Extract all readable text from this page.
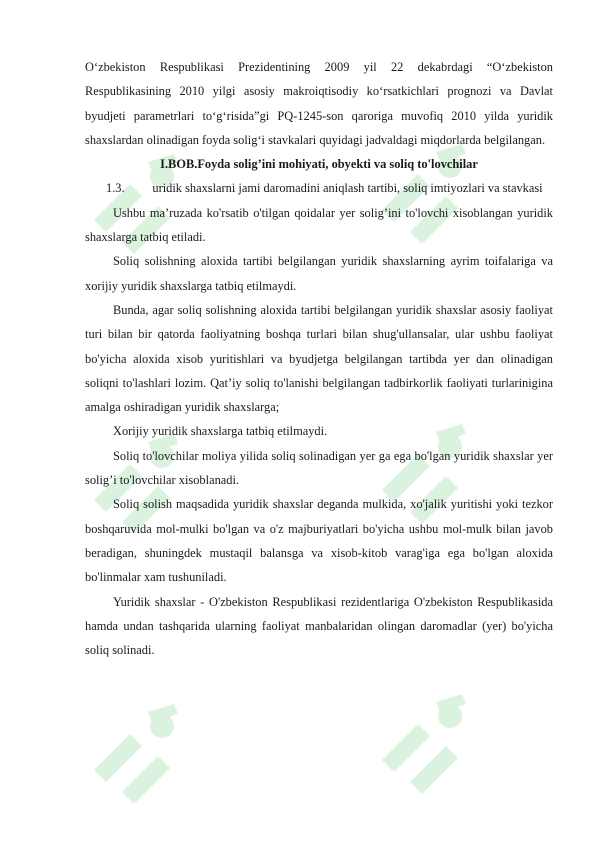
O‘zbekiston Respublikasi Prezidentining 2009 yil 22 dekabrdagi “O‘zbekiston Respublikasining 2010 yilgi asosiy makroiqtisodiy ko‘rsatkichlari prognozi va Davlat byudjeti parametrlari to‘g‘risida”gi PQ-1245-son qaroriga muvofiq 2010 yilda yuridik shaxslardan olinadigan foyda solig‘i stavkalari quyidagi jadvaldagi miqdorlarda belgilangan.

I.BOB.Foyda solig’ini mohiyati, obyekti va soliq to'lovchilar

1.3. uridik shaxslarni jami daromadini aniqlash tartibi, soliq imtiyozlari va stavkasi

Ushbu ma’ruzada ko'rsatib o'tilgan qoidalar yer solig’ini to'lovchi xisoblangan yuridik shaxslarga tatbiq etiladi.

Soliq solishning aloxida tartibi belgilangan yuridik shaxslarning ayrim toifalariga va xorijiy yuridik shaxslarga tatbiq etilmaydi.

Bunda, agar soliq solishning aloxida tartibi belgilangan yuridik shaxslar asosiy faoliyat turi bilan bir qatorda faoliyatning boshqa turlari bilan shug'ullansalar, ular ushbu faoliyat bo'yicha aloxida xisob yuritishlari va byudjetga belgilangan tartibda yer dan olinadigan soliqni to'lashlari lozim. Qat’iy soliq to'lanishi belgilangan tadbirkorlik faoliyati turlarinigina amalga oshiradigan yuridik shaxslarga;

Xorijiy yuridik shaxslarga tatbiq etilmaydi.

Soliq to'lovchilar moliya yilida soliq solinadigan yer ga ega bo'lgan yuridik shaxslar yer solig’i to'lovchilar xisoblanadi.

Soliq solish maqsadida yuridik shaxslar deganda mulkida, xo'jalik yuritishi yoki tezkor boshqaruvida mol-mulki bo'lgan va o'z majburiyatlari bo'yicha ushbu mol-mulk bilan javob beradigan, shuningdek mustaqil balansga va xisob-kitob varag'iga ega bo'lgan aloxida bo'linmalar xam tushuniladi.

Yuridik shaxslar - O'zbekiston Respublikasi rezidentlariga O'zbekiston Respublikasida hamda undan tashqarida ularning faoliyat manbalaridan olingan daromadlar (yer) bo'yicha soliq solinadi.
